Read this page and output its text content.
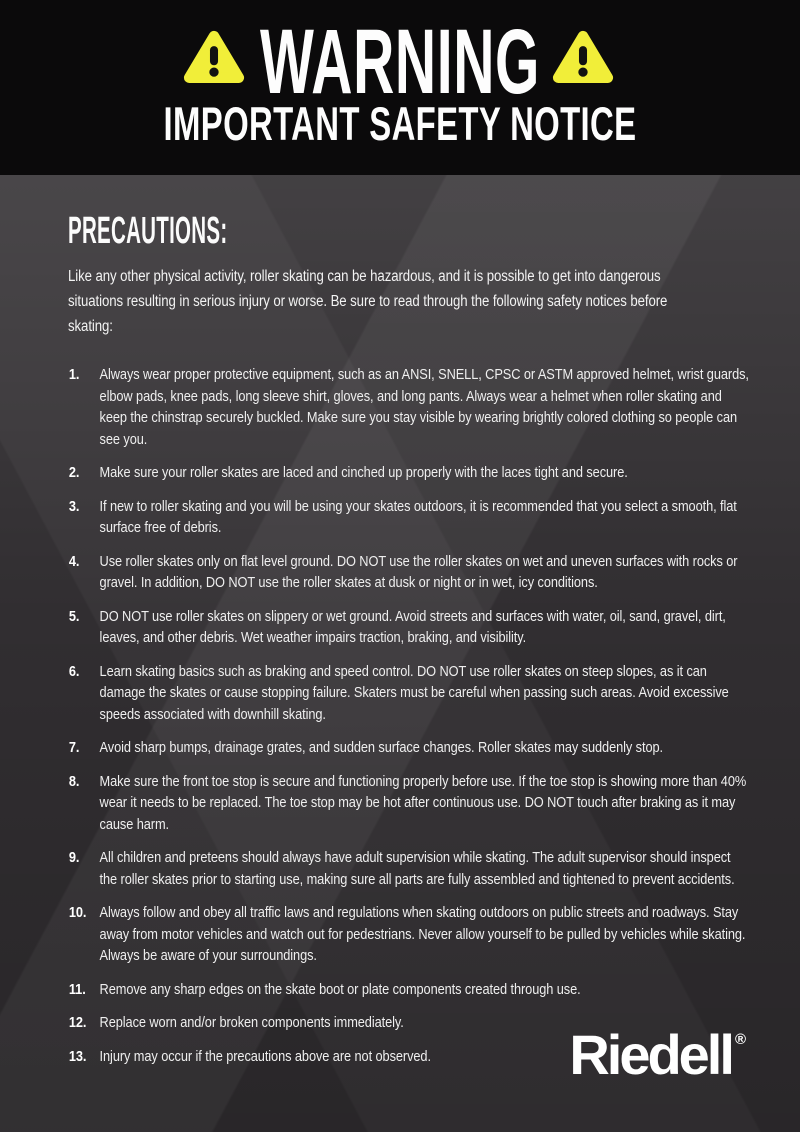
WARNING
IMPORTANT SAFETY NOTICE
PRECAUTIONS:

Like any other physical activity, roller skating can be hazardous, and it is possible to get into dangerous situations resulting in serious injury or worse. Be sure to read through the following safety notices before skating:

1. Always wear proper protective equipment, such as an ANSI, SNELL, CPSC or ASTM approved helmet, wrist guards, elbow pads, knee pads, long sleeve shirt, gloves, and long pants. Always wear a helmet when roller skating and keep the chinstrap securely buckled. Make sure you stay visible by wearing brightly colored clothing so people can see you.
2. Make sure your roller skates are laced and cinched up properly with the laces tight and secure.
3. If new to roller skating and you will be using your skates outdoors, it is recommended that you select a smooth, flat surface free of debris.
4. Use roller skates only on flat level ground. DO NOT use the roller skates on wet and uneven surfaces with rocks or gravel. In addition, DO NOT use the roller skates at dusk or night or in wet, icy conditions.
5. DO NOT use roller skates on slippery or wet ground. Avoid streets and surfaces with water, oil, sand, gravel, dirt, leaves, and other debris. Wet weather impairs traction, braking, and visibility.
6. Learn skating basics such as braking and speed control. DO NOT use roller skates on steep slopes, as it can damage the skates or cause stopping failure. Skaters must be careful when passing such areas. Avoid excessive speeds associated with downhill skating.
7. Avoid sharp bumps, drainage grates, and sudden surface changes. Roller skates may suddenly stop.
8. Make sure the front toe stop is secure and functioning properly before use. If the toe stop is showing more than 40% wear it needs to be replaced. The toe stop may be hot after continuous use. DO NOT touch after braking as it may cause harm.
9. All children and preteens should always have adult supervision while skating. The adult supervisor should inspect the roller skates prior to starting use, making sure all parts are fully assembled and tightened to prevent accidents.
10. Always follow and obey all traffic laws and regulations when skating outdoors on public streets and roadways. Stay away from motor vehicles and watch out for pedestrians. Never allow yourself to be pulled by vehicles while skating. Always be aware of your surroundings.
11. Remove any sharp edges on the skate boot or plate components created through use.
12. Replace worn and/or broken components immediately.
13. Injury may occur if the precautions above are not observed.	Riedell ®
